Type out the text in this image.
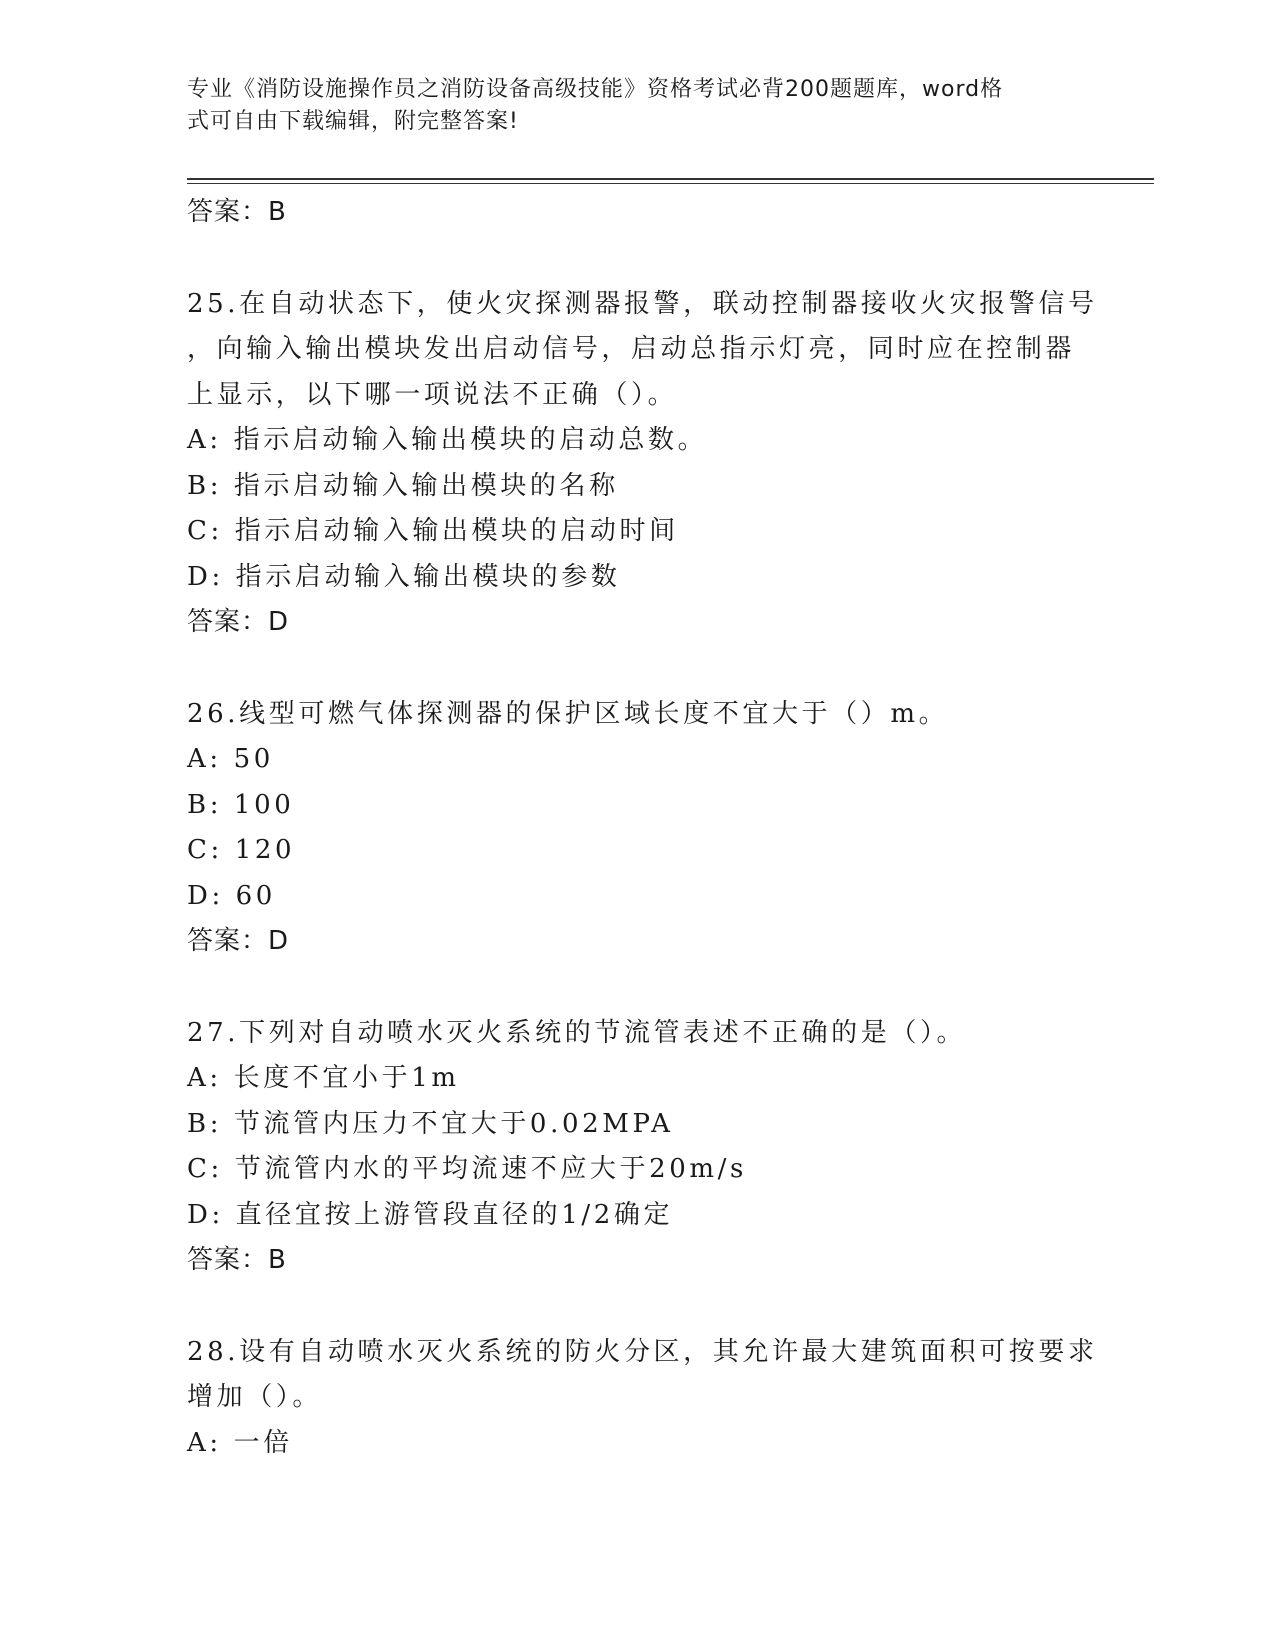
专业《消防设施操作员之消防设备高级技能》资格考试必背200题题库，word格
式可自由下载编辑，附完整答案!
答案：B
25.在自动状态下，使火灾探测器报警，联动控制器接收火灾报警信号
，向输入输出模块发出启动信号，启动总指示灯亮，同时应在控制器
上显示，以下哪一项说法不正确（）。
A: 指示启动输入输出模块的启动总数。
B: 指示启动输入输出模块的名称
C: 指示启动输入输出模块的启动时间
D: 指示启动输入输出模块的参数
答案：D
26.线型可燃气体探测器的保护区域长度不宜大于（）m。
A: 50
B: 100
C: 120
D: 60
答案：D
27.下列对自动喷水灭火系统的节流管表述不正确的是（）。
A: 长度不宜小于1m
B: 节流管内压力不宜大于0.02MPA
C: 节流管内水的平均流速不应大于20m/s
D: 直径宜按上游管段直径的1/2确定
答案：B
28.设有自动喷水灭火系统的防火分区，其允许最大建筑面积可按要求
增加（）。
A: 一倍
